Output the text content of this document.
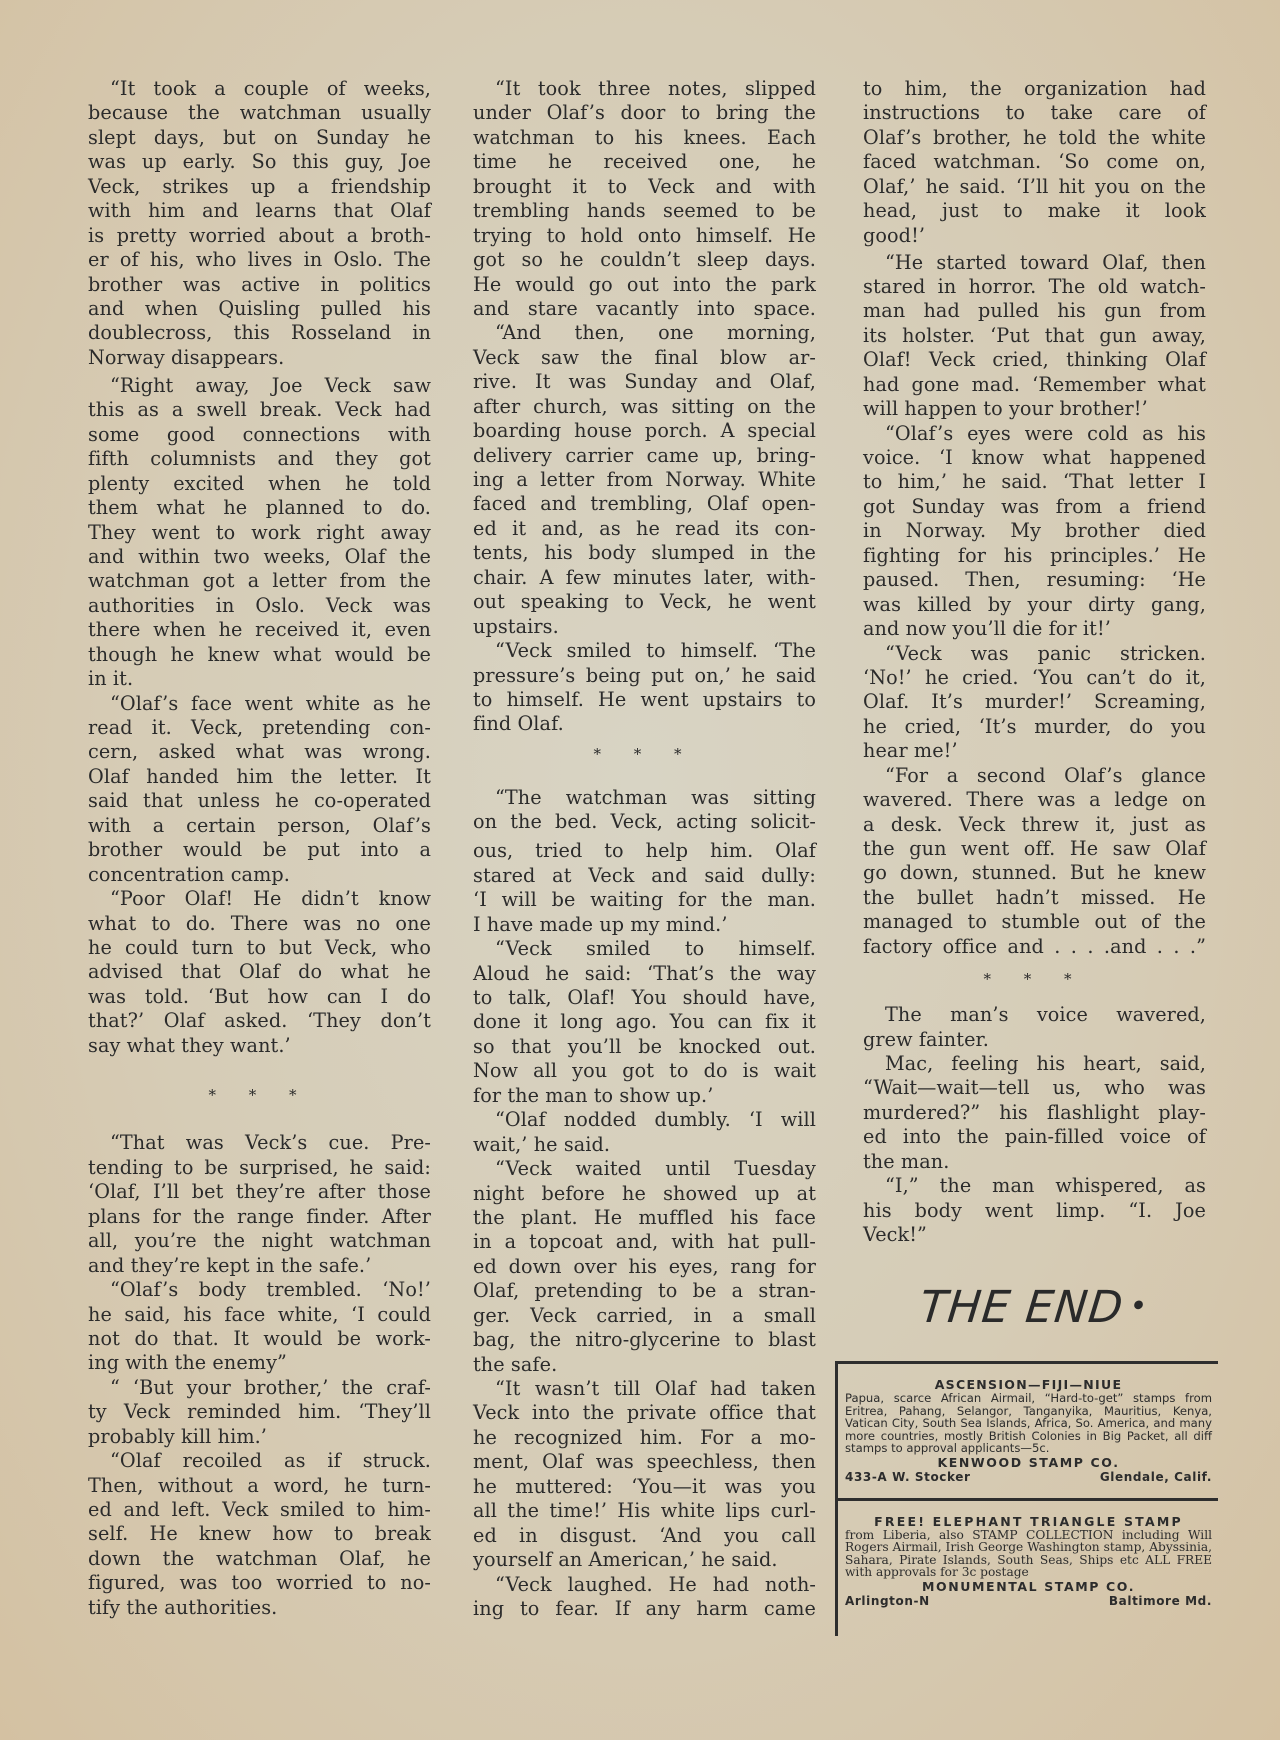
“It took a couple of weeks,
because the watchman usually
slept days, but on Sunday he
was up early. So this guy, Joe
Veck, strikes up a friendship
with him and learns that Olaf
is pretty worried about a broth-
er of his, who lives in Oslo. The
brother was active in politics
and when Quisling pulled his
doublecross, this Rosseland in
Norway disappears.
“Right away, Joe Veck saw
this as a swell break. Veck had
some good connections with
fifth columnists and they got
plenty excited when he told
them what he planned to do.
They went to work right away
and within two weeks, Olaf the
watchman got a letter from the
authorities in Oslo. Veck was
there when he received it, even
though he knew what would be
in it.
“Olaf’s face went white as he
read it. Veck, pretending con-
cern, asked what was wrong.
Olaf handed him the letter. It
said that unless he co-operated
with a certain person, Olaf’s
brother would be put into a
concentration camp.
“Poor Olaf! He didn’t know
what to do. There was no one
he could turn to but Veck, who
advised that Olaf do what he
was told. ‘But how can I do
that?’ Olaf asked. ‘They don’t
say what they want.’
* * *
“That was Veck’s cue. Pre-
tending to be surprised, he said:
‘Olaf, I’ll bet they’re after those
plans for the range finder. After
all, you’re the night watchman
and they’re kept in the safe.’
“Olaf’s body trembled. ‘No!’
he said, his face white, ‘I could
not do that. It would be work-
ing with the enemy”
“ ‘But your brother,’ the craf-
ty Veck reminded him. ‘They’ll
probably kill him.’
“Olaf recoiled as if struck.
Then, without a word, he turn-
ed and left. Veck smiled to him-
self. He knew how to break
down the watchman Olaf, he
figured, was too worried to no-
tify the authorities.
“It took three notes, slipped
under Olaf’s door to bring the
watchman to his knees. Each
time he received one, he
brought it to Veck and with
trembling hands seemed to be
trying to hold onto himself. He
got so he couldn’t sleep days.
He would go out into the park
and stare vacantly into space.
“And then, one morning,
Veck saw the final blow ar-
rive. It was Sunday and Olaf,
after church, was sitting on the
boarding house porch. A special
delivery carrier came up, bring-
ing a letter from Norway. White
faced and trembling, Olaf open-
ed it and, as he read its con-
tents, his body slumped in the
chair. A few minutes later, with-
out speaking to Veck, he went
upstairs.
“Veck smiled to himself. ‘The
pressure’s being put on,’ he said
to himself. He went upstairs to
find Olaf.
* * *
“The watchman was sitting
on the bed. Veck, acting solicit-
ous, tried to help him. Olaf
stared at Veck and said dully:
‘I will be waiting for the man.
I have made up my mind.’
“Veck smiled to himself.
Aloud he said: ‘That’s the way
to talk, Olaf! You should have,
done it long ago. You can fix it
so that you’ll be knocked out.
Now all you got to do is wait
for the man to show up.’
“Olaf nodded dumbly. ‘I will
wait,’ he said.
“Veck waited until Tuesday
night before he showed up at
the plant. He muffled his face
in a topcoat and, with hat pull-
ed down over his eyes, rang for
Olaf, pretending to be a stran-
ger. Veck carried, in a small
bag, the nitro-glycerine to blast
the safe.
“It wasn’t till Olaf had taken
Veck into the private office that
he recognized him. For a mo-
ment, Olaf was speechless, then
he muttered: ‘You—it was you
all the time!’ His white lips curl-
ed in disgust. ‘And you call
yourself an American,’ he said.
“Veck laughed. He had noth-
ing to fear. If any harm came
to him, the organization had
instructions to take care of
Olaf’s brother, he told the white
faced watchman. ‘So come on,
Olaf,’ he said. ‘I’ll hit you on the
head, just to make it look
good!’
“He started toward Olaf, then
stared in horror. The old watch-
man had pulled his gun from
its holster. ‘Put that gun away,
Olaf! Veck cried, thinking Olaf
had gone mad. ‘Remember what
will happen to your brother!’
“Olaf’s eyes were cold as his
voice. ‘I know what happened
to him,’ he said. ‘That letter I
got Sunday was from a friend
in Norway. My brother died
fighting for his principles.’ He
paused. Then, resuming: ‘He
was killed by your dirty gang,
and now you’ll die for it!’
“Veck was panic stricken.
‘No!’ he cried. ‘You can’t do it,
Olaf. It’s murder!’ Screaming,
he cried, ‘It’s murder, do you
hear me!’
“For a second Olaf’s glance
wavered. There was a ledge on
a desk. Veck threw it, just as
the gun went off. He saw Olaf
go down, stunned. But he knew
the bullet hadn’t missed. He
managed to stumble out of the
factory office and . . . .and . . .”
* * *
The man’s voice wavered,
grew fainter.
Mac, feeling his heart, said,
“Wait—wait—tell us, who was
murdered?” his flashlight play-
ed into the pain-filled voice of
the man.
“I,” the man whispered, as
his body went limp. “I. Joe
Veck!”
THE END•
ASCENSION—FIJI—NIUE
Papua, scarce African Airmail, “Hard-to-get” stamps from Eritrea, Pahang, Selangor, Tanganyika, Mauritius, Kenya, Vatican City, South Sea Islands, Africa, So. America, and many more countries, mostly British Colonies in Big Packet, all diff stamps to approval applicants—5c.
KENWOOD STAMP CO.
433-A W. Stocker	Glendale, Calif.
FREE! ELEPHANT TRIANGLE STAMP
from Liberia, also STAMP COLLECTION including Will Rogers Airmail, Irish George Washington stamp, Abyssinia, Sahara, Pirate Islands, South Seas, Ships etc ALL FREE with approvals for 3c postage
MONUMENTAL STAMP CO.
Arlington-N	Baltimore Md.
